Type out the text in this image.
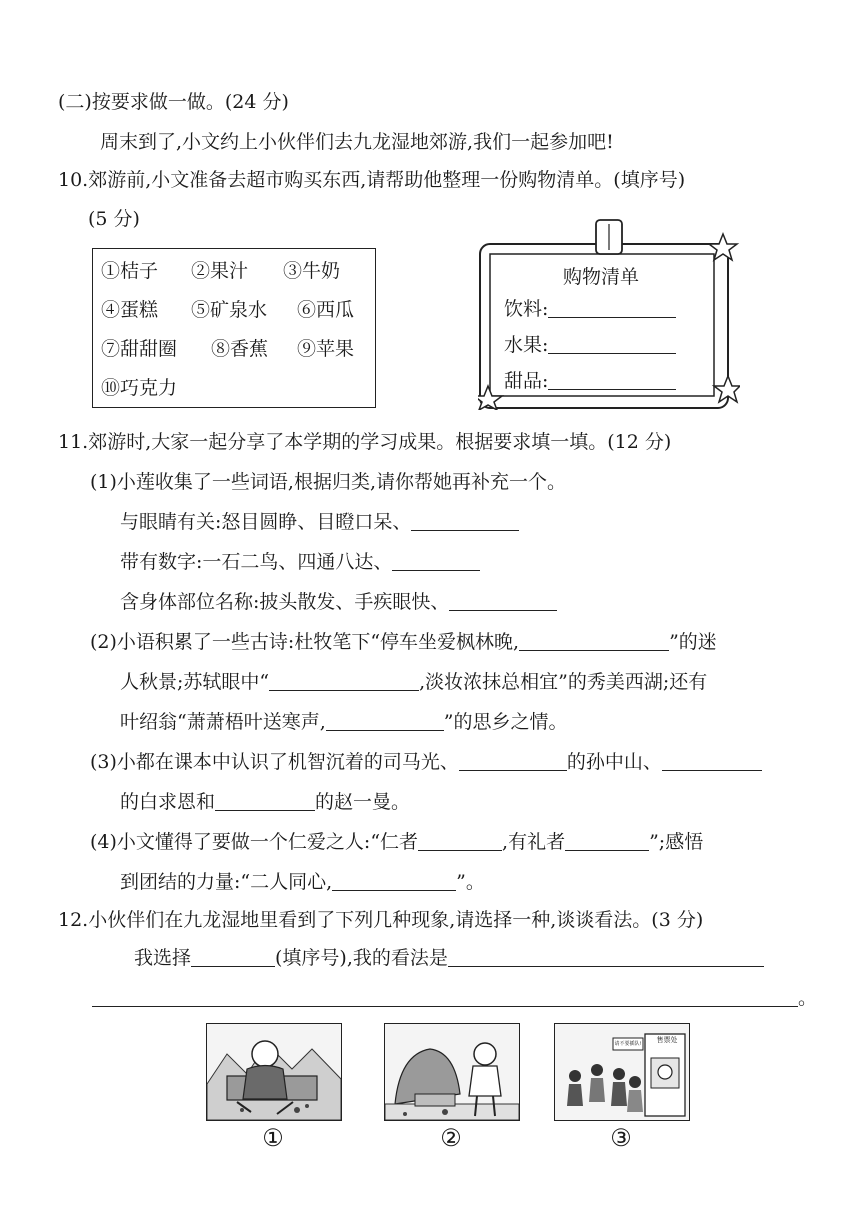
(二)按要求做一做。(24 分)
周末到了,小文约上小伙伴们去九龙湿地郊游,我们一起参加吧!
10.郊游前,小文准备去超市购买东西,请帮助他整理一份购物清单。(填序号)
(5 分)
①桔子 ②果汁 ③牛奶
④蛋糕 ⑤矿泉水 ⑥西瓜
⑦甜甜圈 ⑧香蕉 ⑨苹果
⑩巧克力
购物清单
饮料:
水果:
甜品:
11.郊游时,大家一起分享了本学期的学习成果。根据要求填一填。(12 分)
(1)小莲收集了一些词语,根据归类,请你帮她再补充一个。
与眼睛有关:怒目圆睁、目瞪口呆、
带有数字:一石二鸟、四通八达、
含身体部位名称:披头散发、手疾眼快、
(2)小语积累了一些古诗:杜牧笔下“停车坐爱枫林晚,	”的迷
人秋景;苏轼眼中“	,淡妆浓抹总相宜”的秀美西湖;还有
叶绍翁“萧萧梧叶送寒声,	”的思乡之情。
(3)小都在课本中认识了机智沉着的司马光、	的孙中山、
的白求恩和	的赵一曼。
(4)小文懂得了要做一个仁爱之人:“仁者	,有礼者	”;感悟
到团结的力量:“二人同心,	”。
12.小伙伴们在九龙湿地里看到了下列几种现象,请选择一种,谈谈看法。(3 分)
我选择	(填序号),我的看法是
。
①	②
售票处
请不要插队!
③
